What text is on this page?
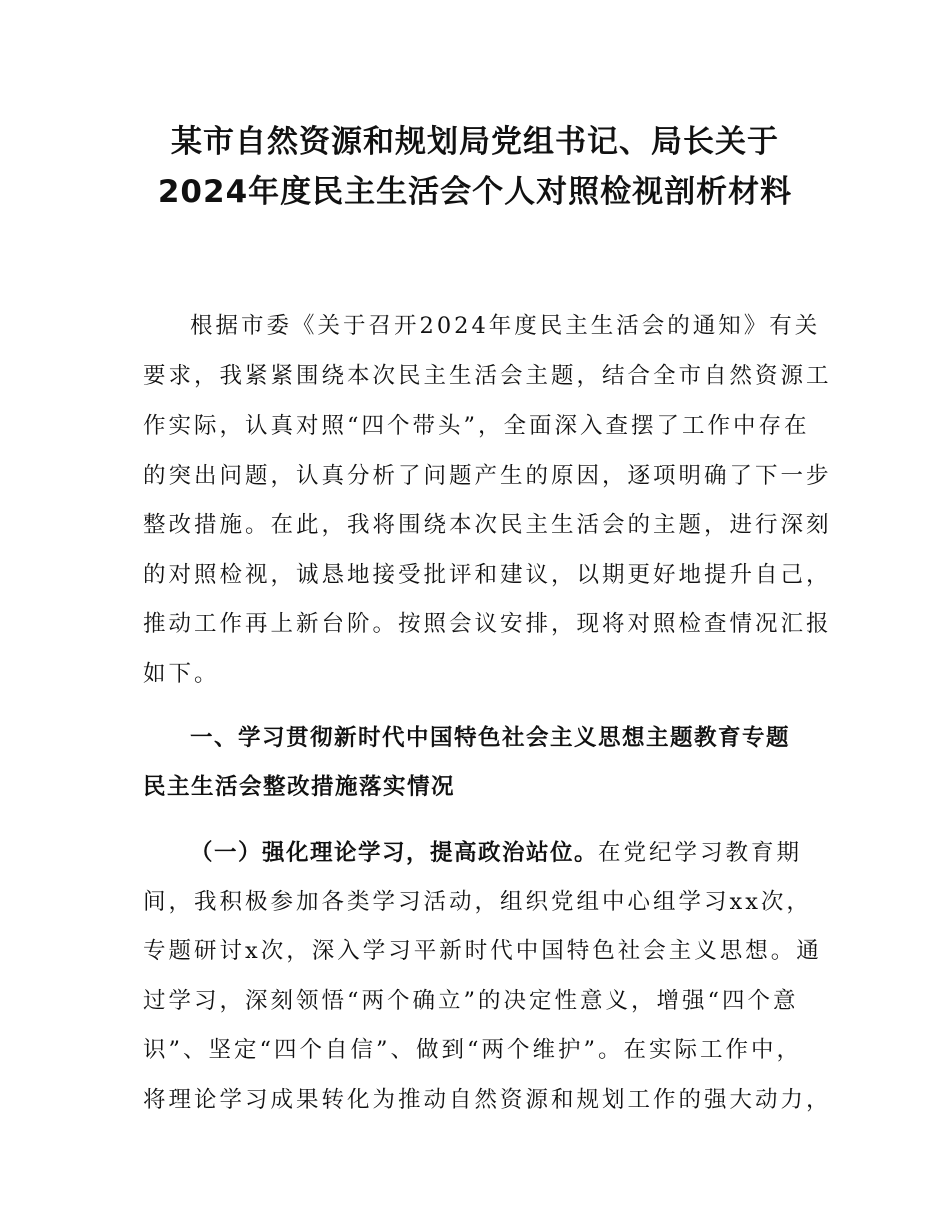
某市自然资源和规划局党组书记、局长关于
2024年度民主生活会个人对照检视剖析材料

根据市委《关于召开2024年度民主生活会的通知》有关

要求，我紧紧围绕本次民主生活会主题，结合全市自然资源工

作实际，认真对照“四个带头”，全面深入查摆了工作中存在

的突出问题，认真分析了问题产生的原因，逐项明确了下一步

整改措施。在此，我将围绕本次民主生活会的主题，进行深刻

的对照检视，诚恳地接受批评和建议，以期更好地提升自己，

推动工作再上新台阶。按照会议安排，现将对照检查情况汇报

如下。

一、学习贯彻新时代中国特色社会主义思想主题教育专题

民主生活会整改措施落实情况

（一）强化理论学习，提高政治站位。在党纪学习教育期

间，我积极参加各类学习活动，组织党组中心组学习xx次，

专题研讨x次，深入学习平新时代中国特色社会主义思想。通

过学习，深刻领悟“两个确立”的决定性意义，增强“四个意

识”、坚定“四个自信”、做到“两个维护”。在实际工作中，

将理论学习成果转化为推动自然资源和规划工作的强大动力，
